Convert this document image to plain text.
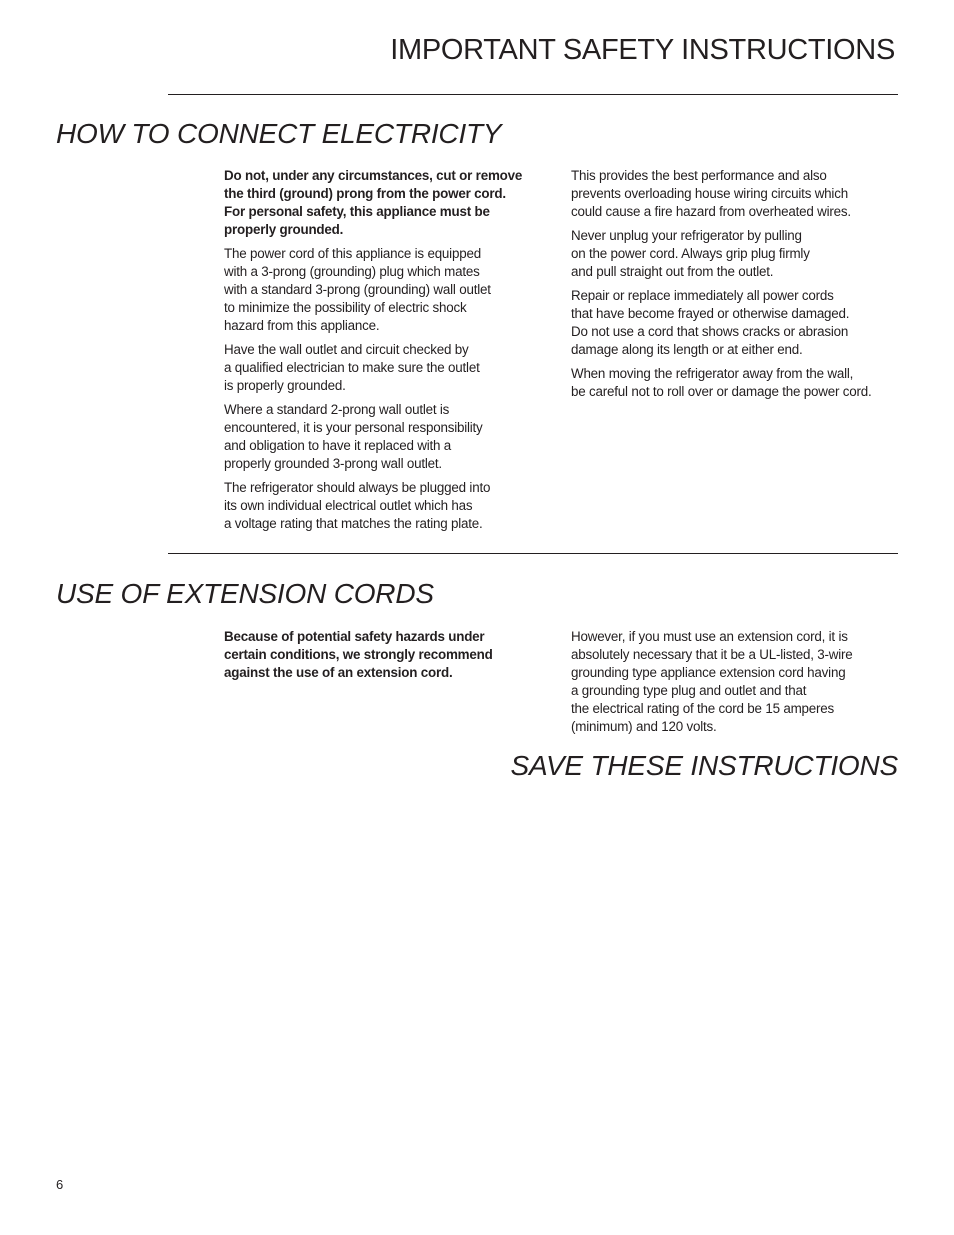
IMPORTANT SAFETY INSTRUCTIONS
HOW TO CONNECT ELECTRICITY

Do not, under any circumstances, cut or remove
the third (ground) prong from the power cord.
For personal safety, this appliance must be
properly grounded.

The power cord of this appliance is equipped
with a 3-prong (grounding) plug which mates
with a standard 3-prong (grounding) wall outlet
to minimize the possibility of electric shock
hazard from this appliance.

Have the wall outlet and circuit checked by
a qualified electrician to make sure the outlet
is properly grounded.

Where a standard 2-prong wall outlet is
encountered, it is your personal responsibility
and obligation to have it replaced with a
properly grounded 3-prong wall outlet.

The refrigerator should always be plugged into
its own individual electrical outlet which has
a voltage rating that matches the rating plate.

This provides the best performance and also
prevents overloading house wiring circuits which
could cause a fire hazard from overheated wires.

Never unplug your refrigerator by pulling
on the power cord. Always grip plug firmly
and pull straight out from the outlet.

Repair or replace immediately all power cords
that have become frayed or otherwise damaged.
Do not use a cord that shows cracks or abrasion
damage along its length or at either end.

When moving the refrigerator away from the wall,
be careful not to roll over or damage the power cord.

USE OF EXTENSION CORDS

Because of potential safety hazards under
certain conditions, we strongly recommend
against the use of an extension cord.

However, if you must use an extension cord, it is
absolutely necessary that it be a UL-listed, 3-wire
grounding type appliance extension cord having
a grounding type plug and outlet and that
the electrical rating of the cord be 15 amperes
(minimum) and 120 volts.

SAVE THESE INSTRUCTIONS
6
